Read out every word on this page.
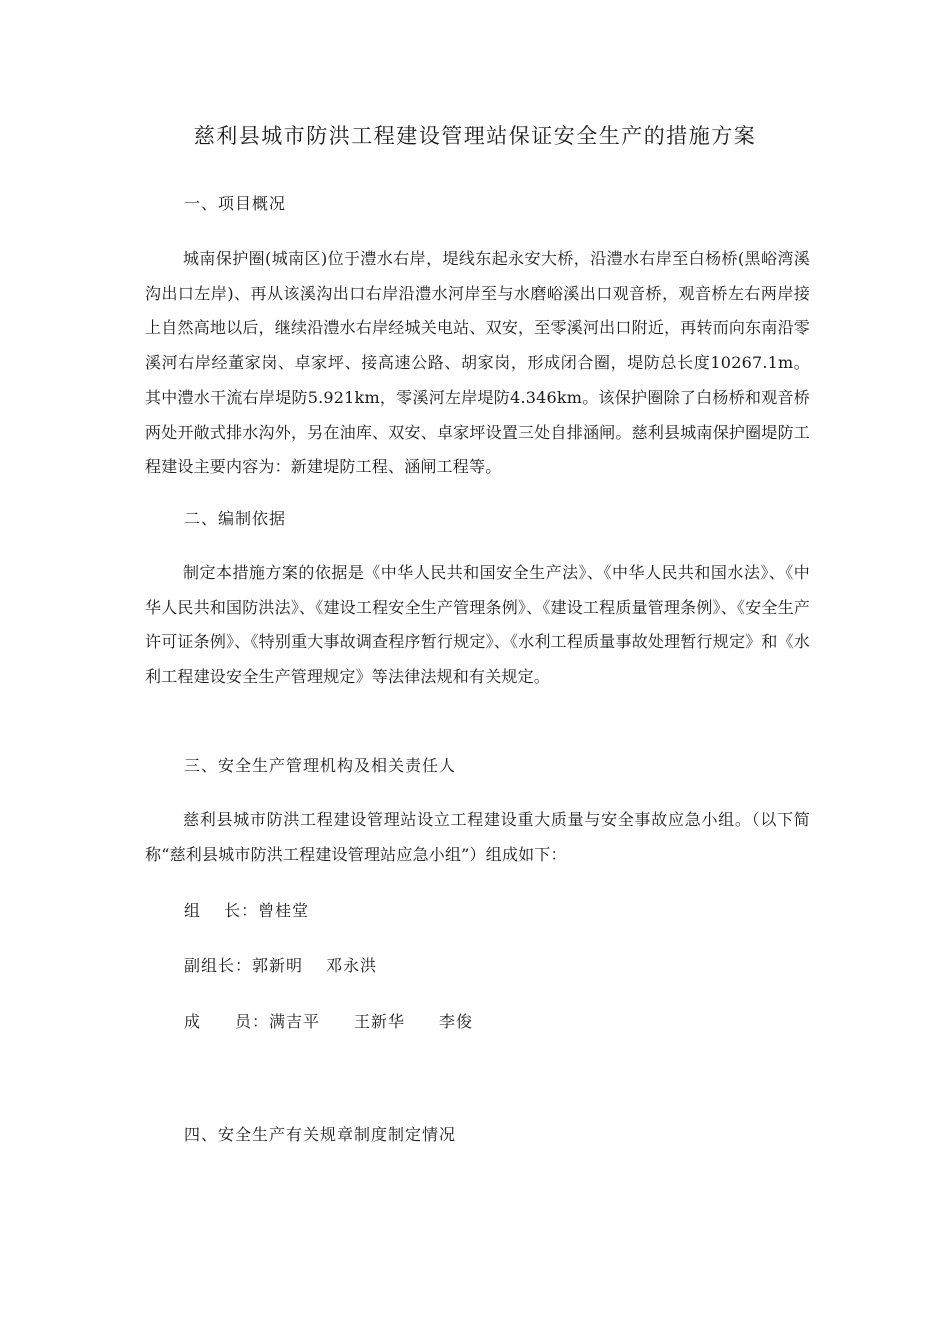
慈利县城市防洪工程建设管理站保证安全生产的措施方案
一、项目概况

城南保护圈(城南区)位于澧水右岸，堤线东起永安大桥，沿澧水右岸至白杨桥(黑峪湾溪沟出口左岸)、再从该溪沟出口右岸沿澧水河岸至与水磨峪溪出口观音桥，观音桥左右两岸接上自然高地以后，继续沿澧水右岸经城关电站、双安，至零溪河出口附近，再转而向东南沿零溪河右岸经董家岗、卓家坪、接高速公路、胡家岗，形成闭合圈，堤防总长度10267.1m。其中澧水干流右岸堤防5.921km，零溪河左岸堤防4.346km。该保护圈除了白杨桥和观音桥两处开敞式排水沟外，另在油库、双安、卓家坪设置三处自排涵闸。慈利县城南保护圈堤防工程建设主要内容为：新建堤防工程、涵闸工程等。

二、编制依据

制定本措施方案的依据是《中华人民共和国安全生产法》、《中华人民共和国水法》、《中华人民共和国防洪法》、《建设工程安全生产管理条例》、《建设工程质量管理条例》、《安全生产许可证条例》、《特别重大事故调查程序暂行规定》、《水利工程质量事故处理暂行规定》和《水利工程建设安全生产管理规定》等法律法规和有关规定。

三、安全生产管理机构及相关责任人

慈利县城市防洪工程建设管理站设立工程建设重大质量与安全事故应急小组。（以下简称“慈利县城市防洪工程建设管理站应急小组”）组成如下：

组　 长：曾桂堂

副组长：郭新明　 邓永洪

成　　员：满吉平　　王新华　　李俊

四、安全生产有关规章制度制定情况
